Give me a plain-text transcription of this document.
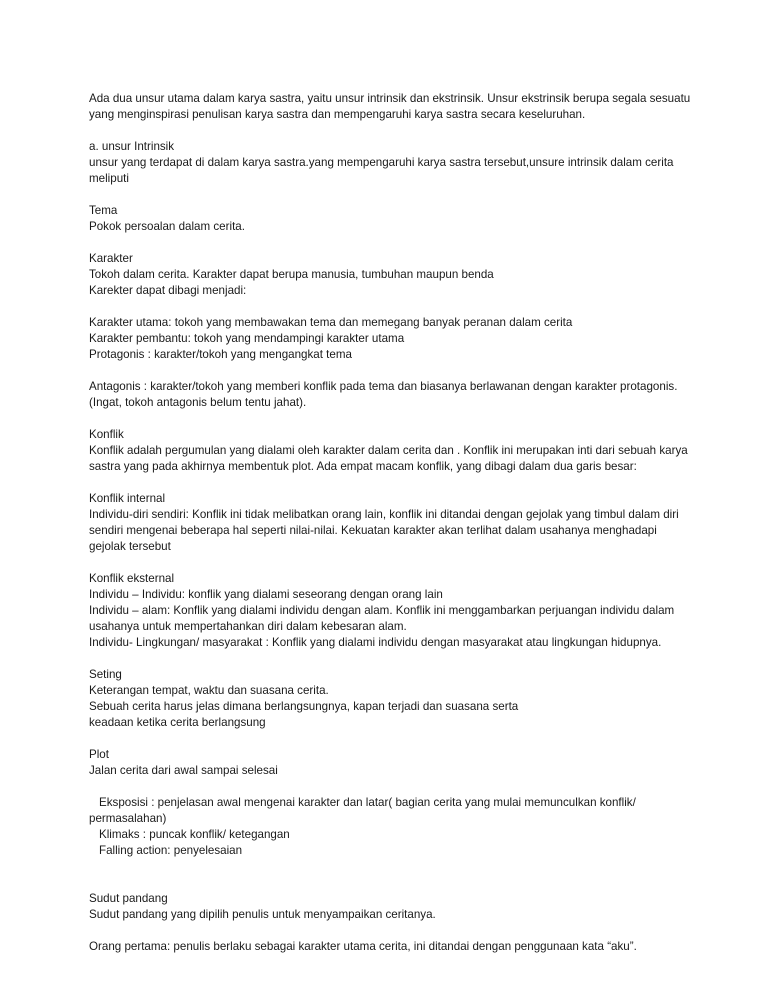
Ada dua unsur utama dalam karya sastra, yaitu unsur intrinsik dan ekstrinsik. Unsur ekstrinsik berupa segala sesuatu
yang menginspirasi penulisan karya sastra dan mempengaruhi karya sastra secara keseluruhan.
a. unsur Intrinsik
unsur yang terdapat di dalam karya sastra.yang mempengaruhi karya sastra tersebut,unsure intrinsik dalam cerita
meliputi
Tema
Pokok persoalan dalam cerita.
Karakter
Tokoh dalam cerita. Karakter dapat berupa manusia, tumbuhan maupun benda
Karekter dapat dibagi menjadi:
Karakter utama: tokoh yang membawakan tema dan memegang banyak peranan dalam cerita
Karakter pembantu: tokoh yang mendampingi karakter utama
Protagonis : karakter/tokoh yang mengangkat tema
Antagonis : karakter/tokoh yang memberi konflik pada tema dan biasanya berlawanan dengan karakter protagonis.
(Ingat, tokoh antagonis belum tentu jahat).
Konflik
Konflik adalah pergumulan yang dialami oleh karakter dalam cerita dan . Konflik ini merupakan inti dari sebuah karya
sastra yang pada akhirnya membentuk plot. Ada empat macam konflik, yang dibagi dalam dua garis besar:
Konflik internal
Individu-diri sendiri: Konflik ini tidak melibatkan orang lain, konflik ini ditandai dengan gejolak yang timbul dalam diri
sendiri mengenai beberapa hal seperti nilai-nilai. Kekuatan karakter akan terlihat dalam usahanya menghadapi
gejolak tersebut
Konflik eksternal
Individu – Individu: konflik yang dialami seseorang dengan orang lain
Individu – alam: Konflik yang dialami individu dengan alam. Konflik ini menggambarkan perjuangan individu dalam
usahanya untuk mempertahankan diri dalam kebesaran alam.
Individu- Lingkungan/ masyarakat : Konflik yang dialami individu dengan masyarakat atau lingkungan hidupnya.
Seting
Keterangan tempat, waktu dan suasana cerita.
Sebuah cerita harus jelas dimana berlangsungnya, kapan terjadi dan suasana serta
keadaan ketika cerita berlangsung
Plot
Jalan cerita dari awal sampai selesai
Eksposisi : penjelasan awal mengenai karakter dan latar( bagian cerita yang mulai memunculkan konflik/
permasalahan)
Klimaks : puncak konflik/ ketegangan
Falling action: penyelesaian
Sudut pandang
Sudut pandang yang dipilih penulis untuk menyampaikan ceritanya.
Orang pertama: penulis berlaku sebagai karakter utama cerita, ini ditandai dengan penggunaan kata “aku”.
